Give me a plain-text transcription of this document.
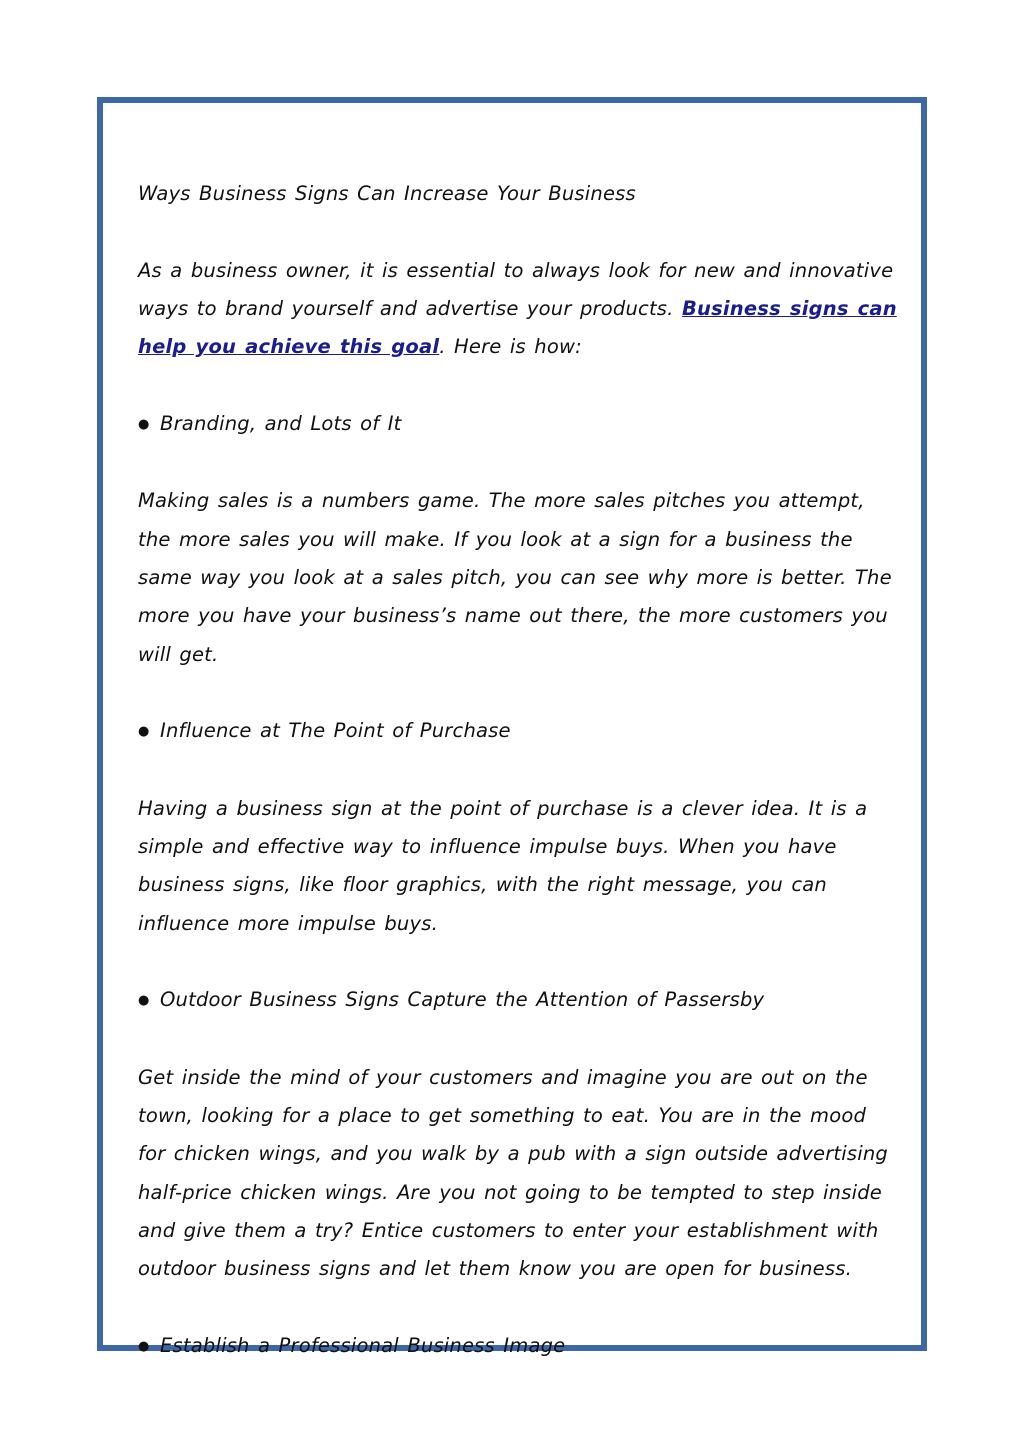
Ways Business Signs Can Increase Your Business

As a business owner, it is essential to always look for new and innovative ways to brand yourself and advertise your products. Business signs can help you achieve this goal. Here is how:

● Branding, and Lots of It

Making sales is a numbers game. The more sales pitches you attempt, the more sales you will make. If you look at a sign for a business the same way you look at a sales pitch, you can see why more is better. The more you have your business’s name out there, the more customers you will get.

● Influence at The Point of Purchase

Having a business sign at the point of purchase is a clever idea. It is a simple and effective way to influence impulse buys. When you have business signs, like floor graphics, with the right message, you can influence more impulse buys.

● Outdoor Business Signs Capture the Attention of Passersby

Get inside the mind of your customers and imagine you are out on the town, looking for a place to get something to eat. You are in the mood for chicken wings, and you walk by a pub with a sign outside advertising half-price chicken wings. Are you not going to be tempted to step inside and give them a try? Entice customers to enter your establishment with outdoor business signs and let them know you are open for business.

● Establish a Professional Business Image
